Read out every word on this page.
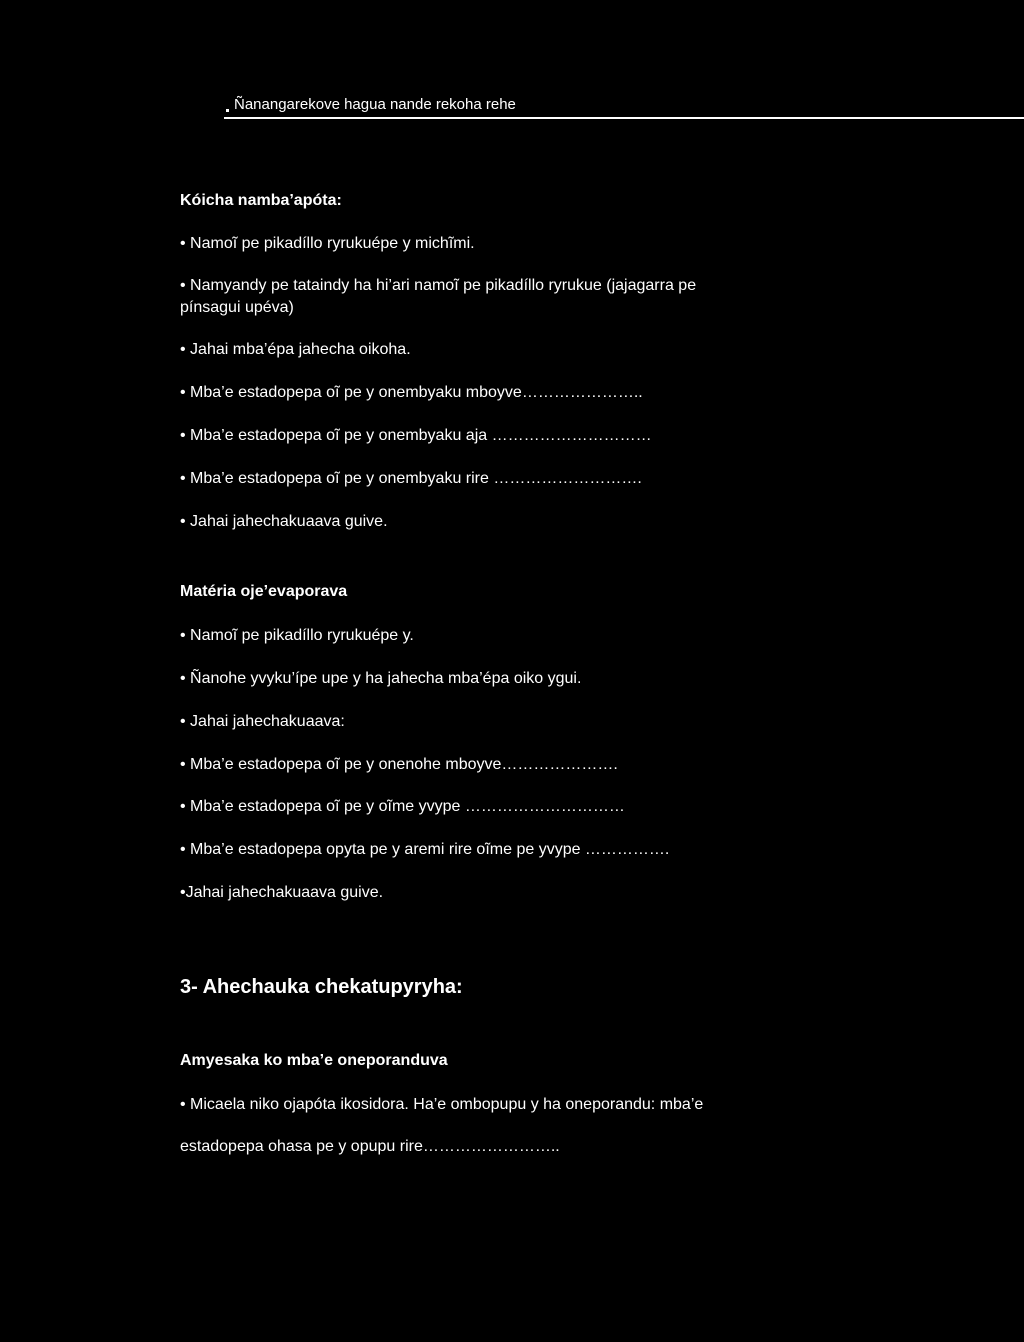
Ñanangarekove hagua nande rekoha rehe
Kóicha namba’apóta:
• Namoĩ pe pikadíllo ryrukuépe y michĩmi.
• Namyandy pe tataindy ha hi’ari namoĩ pe pikadíllo ryrukue (jajagarra pe
pínsagui upéva)
• Jahai mba’épa jahecha oikoha.
• Mba’e estadopepa oĩ pe y onembyaku mboyve…………………..
• Mba’e estadopepa oĩ pe y onembyaku aja …………………………
• Mba’e estadopepa oĩ pe y onembyaku rire ……………………….
• Jahai jahechakuaava guive.
Matéria oje’evaporava
• Namoĩ pe pikadíllo ryrukuépe y.
• Ñanohe yvyku’ípe upe y ha jahecha mba’épa oiko ygui.
• Jahai jahechakuaava:
• Mba’e estadopepa oĩ pe y onenohe mboyve………………….
• Mba’e estadopepa oĩ pe y oĩme yvype …………………………
• Mba’e estadopepa opyta pe y aremi rire oĩme pe yvype …………….
•Jahai jahechakuaava guive.
3- Ahechauka chekatupyryha:
Amyesaka ko mba’e oneporanduva
• Micaela niko ojapóta ikosidora. Ha’e ombopupu y ha oneporandu: mba’e
estadopepa ohasa pe y opupu rire……………………..
